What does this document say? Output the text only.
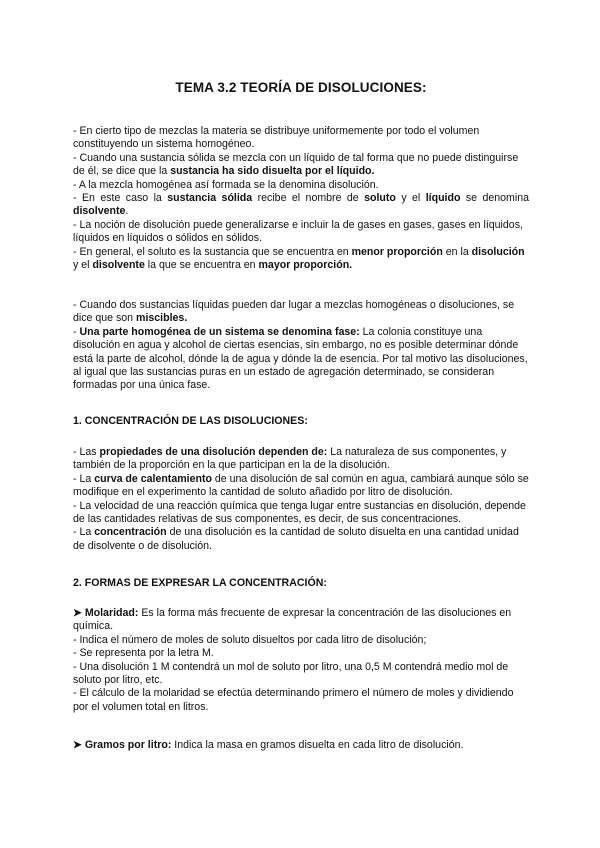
TEMA 3.2 TEORÍA DE DISOLUCIONES:

- En cierto tipo de mezclas la materia se distribuye uniformemente por todo el volumen constituyendo un sistema homogéneo.

- Cuando una sustancia sólida se mezcla con un líquido de tal forma que no puede distinguirse de él, se dice que la sustancia ha sido disuelta por el líquido.

- A la mezcla homogénea así formada se la denomina disolución.

- En este caso la sustancia sólida recibe el nombre de soluto y el líquido se denomina disolvente.

- La noción de disolución puede generalizarse e incluir la de gases en gases, gases en líquidos, líquidos en líquidos o sólidos en sólidos.

- En general, el soluto es la sustancia que se encuentra en menor proporción en la disolución y el disolvente la que se encuentra en mayor proporción.

- Cuando dos sustancias líquidas pueden dar lugar a mezclas homogéneas o disoluciones, se dice que son miscibles.

- Una parte homogénea de un sistema se denomina fase: La colonia constituye una disolución en agua y alcohol de ciertas esencias, sin embargo, no es posible determinar dónde está la parte de alcohol, dónde la de agua y dónde la de esencia. Por tal motivo las disoluciones, al igual que las sustancias puras en un estado de agregación determinado, se consideran formadas por una única fase.

1. CONCENTRACIÓN DE LAS DISOLUCIONES:

- Las propiedades de una disolución dependen de: La naturaleza de sus componentes, y también de la proporción en la que participan en la de la disolución.

- La curva de calentamiento de una disolución de sal común en agua, cambiará aunque sólo se modifique en el experimento la cantidad de soluto añadido por litro de disolución.

- La velocidad de una reacción química que tenga lugar entre sustancias en disolución, depende de las cantidades relativas de sus componentes, es decir, de sus concentraciones.

- La concentración de una disolución es la cantidad de soluto disuelta en una cantidad unidad de disolvente o de disolución.

2. FORMAS DE EXPRESAR LA CONCENTRACIÓN:

➤ Molaridad: Es la forma más frecuente de expresar la concentración de las disoluciones en química.

- Indica el número de moles de soluto disueltos por cada litro de disolución;

- Se representa por la letra M.

- Una disolución 1 M contendrá un mol de soluto por litro, una 0,5 M contendrá medio mol de soluto por litro, etc.

- El cálculo de la molaridad se efectúa determinando primero el número de moles y dividiendo por el volumen total en litros.

➤ Gramos por litro: Indica la masa en gramos disuelta en cada litro de disolución.
